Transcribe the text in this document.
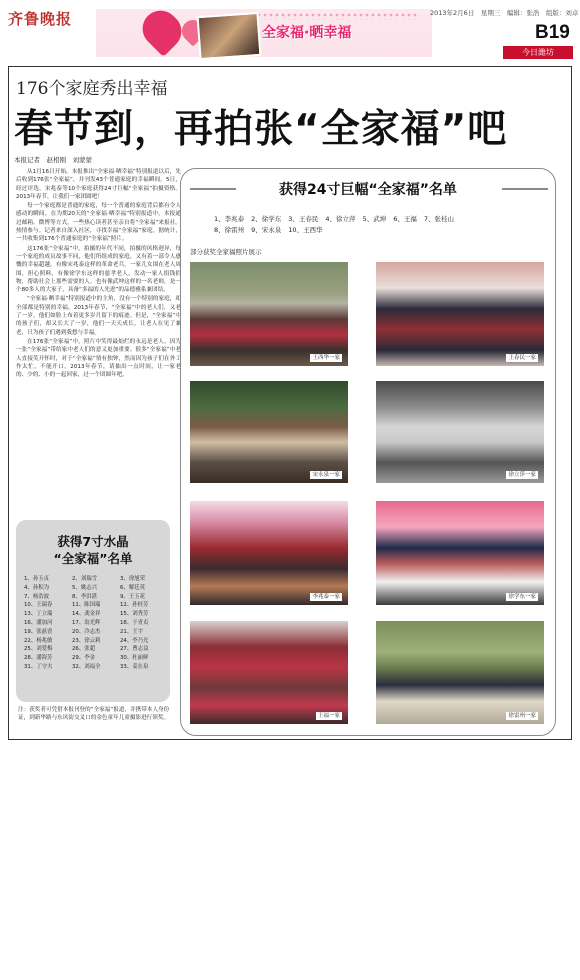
齐鲁晚报
全家福·晒幸福
2013年2月6日　星期三　编辑：张浩　组版：刘卓
B19
今日潍坊
176个家庭秀出幸福
春节到，再拍张“全家福”吧
本报记者　赵相刚　刘蒙蒙

从1月16日开始，本报推出“全家福·晒幸福”特别报道以后，先后收到176张“全家福”，并刊发43个普通家庭的幸福瞬间。5日，经过评选，宋兆泰等10个家庭获得24寸巨幅“全家福”拍摄资格。2013年春节，让我们一家团圆吧！

每一个家庭都是普通的家庭，每一个普通的家庭背后都有令人感动的瞬间。在为期20天的“全家福·晒幸福”特别报道中，本报通过邮箱、微博等方式，一些热心读者甚至亲自将“全家福”来报社。热情参与。记者来自深入社区，寻找幸福“全家福”家庭。据统计，一共收集到176个普通家庭的“全家福”照片。

这176张“全家福”中，拍摄的年代不同，拍摄的风格迥异，每一个家庭的成员故事不同，他们所组成的家庭，又有着一部令人感慨的幸福超越。有像宋兆泰这样的革命老兵，一家儿女围在老人周围，担心照料，有像徐学东这样的慈孝老人，发动一家人捐钱捐物，帮助社会上那些需要的人。也有像武坤这样的一名老师，是一个80多人的大家子，具备“多福的人先进”的品德雅系兼团结。

“全家福·晒幸福”特别报道中的主角，没有一个特别的家庭，却全部都是特别的幸福。2013年春节，“全家福”中的老人们，又老了一岁，他们如脸上布着更多岁月留下的痕迹。但是，“全家福”中的孩子们，却又长大了一岁，他们一天天成长，让老人在见了兼老，只为孩子们遇到我想与幸福。

在176张“全家福”中，照片中笑得最灿烂的永远是老人。因为一张“全家福”带给家中老人们的意义更加重要。很多“全家福”中老人直接笑开怀时，对于“全家福”情有独钟，然而因为孩子们在外工作太忙，不能开口，2013年春节，请抽出一点时间，让一家老的、少的、小的一起回家，过一个团圆年吧。

获得7寸水晶
“全家福”名单
1、孙玉贞	2、刘瑞雪	3、徐旭荣
4、孙积为	5、姚志兴	6、解廷英
7、杨浩波	8、李洪湛	9、王玉花
10、王瑞春	11、陈国瑞	12、孙桂芳
13、丁立瑞	14、龚金祥	15、刘秀芳
16、潘加河	17、翁光辉	18、于青贞
19、张兹香	20、冷志杰	21、王宇
22、杨兆敏	23、徐云莉	24、李乃光
25、刘爱梅	26、张超	27、曹志益
28、潘海芳	29、李金	30、杜丽鲜
31、丁守夫	32、刘福全	33、姜在泉
注：获奖者可凭借本报刊登的“全家福”报道，并携带本人身份证，到新华路与东风街交叉口的金色童年儿童摄影进行领奖。
获得24寸巨幅“全家福”名单
1、李兆泰 2、徐学东 3、王春民 4、徐立萍 5、武坤 6、王福 7、张桂山
8、徐雷州 9、宋永泉 10、王西华
部分获奖全家福照片展示
王西华一家	王春民一家
宋永泉一家	徐立萍一家
李兆泰一家	徐学东一家
王福一家	徐雷州一家
